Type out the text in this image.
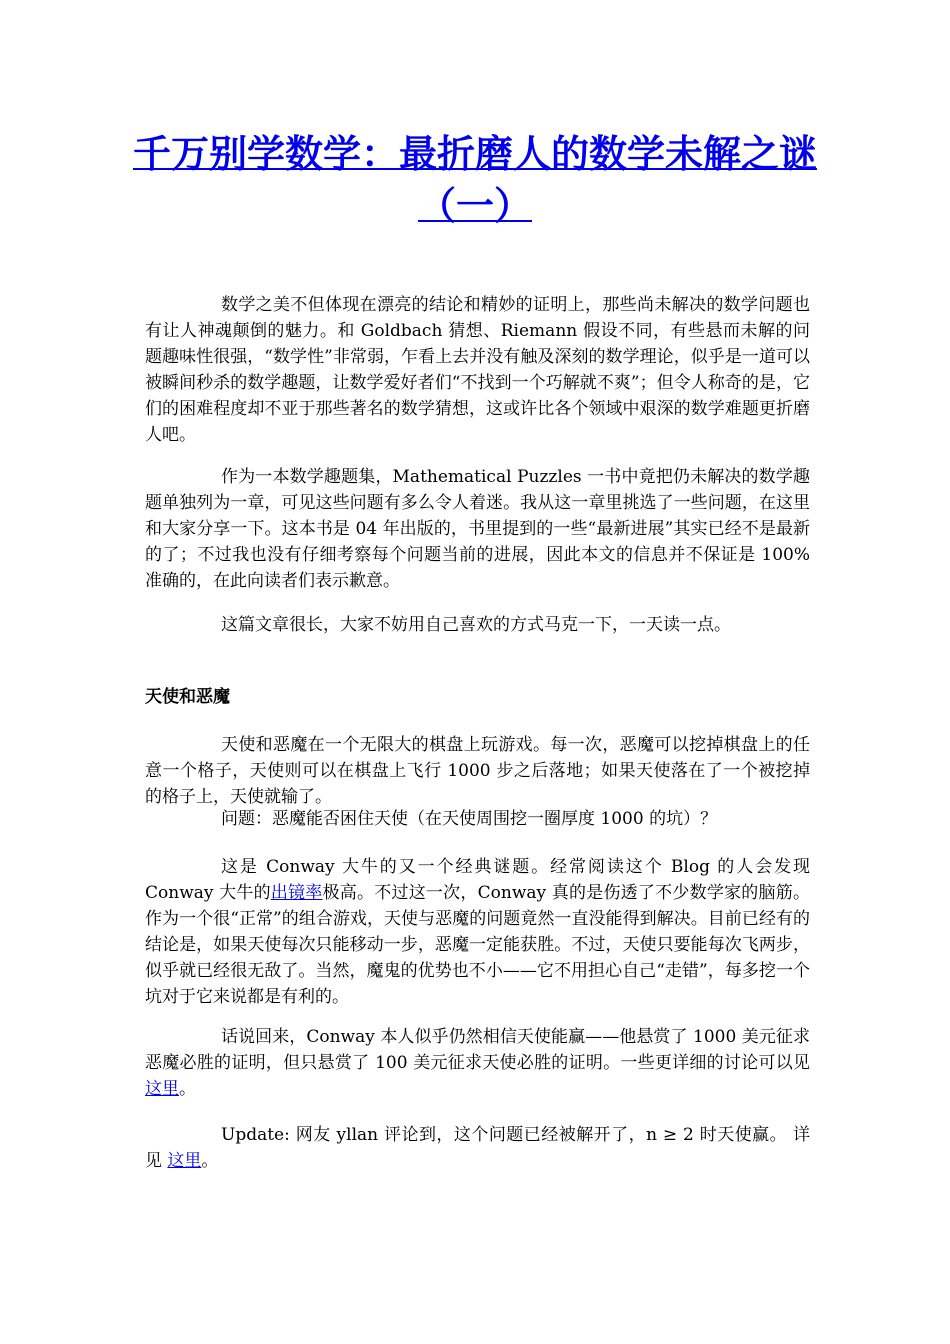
千万别学数学：最折磨人的数学未解之谜（一）

数学之美不但体现在漂亮的结论和精妙的证明上，那些尚未解决的数学问题也有让人神魂颠倒的魅力。和 Goldbach 猜想、Riemann 假设不同，有些悬而未解的问题趣味性很强，“数学性”非常弱，乍看上去并没有触及深刻的数学理论，似乎是一道可以被瞬间秒杀的数学趣题，让数学爱好者们“不找到一个巧解就不爽”；但令人称奇的是，它们的困难程度却不亚于那些著名的数学猜想，这或许比各个领域中艰深的数学难题更折磨人吧。

作为一本数学趣题集，Mathematical Puzzles 一书中竟把仍未解决的数学趣题单独列为一章，可见这些问题有多么令人着迷。我从这一章里挑选了一些问题，在这里和大家分享一下。这本书是 04 年出版的，书里提到的一些“最新进展”其实已经不是最新的了；不过我也没有仔细考察每个问题当前的进展，因此本文的信息并不保证是 100% 准确的，在此向读者们表示歉意。

这篇文章很长，大家不妨用自己喜欢的方式马克一下，一天读一点。

天使和恶魔

天使和恶魔在一个无限大的棋盘上玩游戏。每一次，恶魔可以挖掉棋盘上的任意一个格子，天使则可以在棋盘上飞行 1000 步之后落地；如果天使落在了一个被挖掉的格子上，天使就输了。

问题：恶魔能否困住天使（在天使周围挖一圈厚度 1000 的坑）？

这是 Conway 大牛的又一个经典谜题。经常阅读这个 Blog 的人会发现 Conway 大牛的出镜率极高。不过这一次，Conway 真的是伤透了不少数学家的脑筋。作为一个很“正常”的组合游戏，天使与恶魔的问题竟然一直没能得到解决。目前已经有的结论是，如果天使每次只能移动一步，恶魔一定能获胜。不过，天使只要能每次飞两步，似乎就已经很无敌了。当然，魔鬼的优势也不小——它不用担心自己“走错”，每多挖一个坑对于它来说都是有利的。

话说回来，Conway 本人似乎仍然相信天使能赢——他悬赏了 1000 美元征求恶魔必胜的证明，但只悬赏了 100 美元征求天使必胜的证明。一些更详细的讨论可以见这里。

Update: 网友 yllan 评论到，这个问题已经被解开了，n ≥ 2 时天使赢。 详见 这里。
